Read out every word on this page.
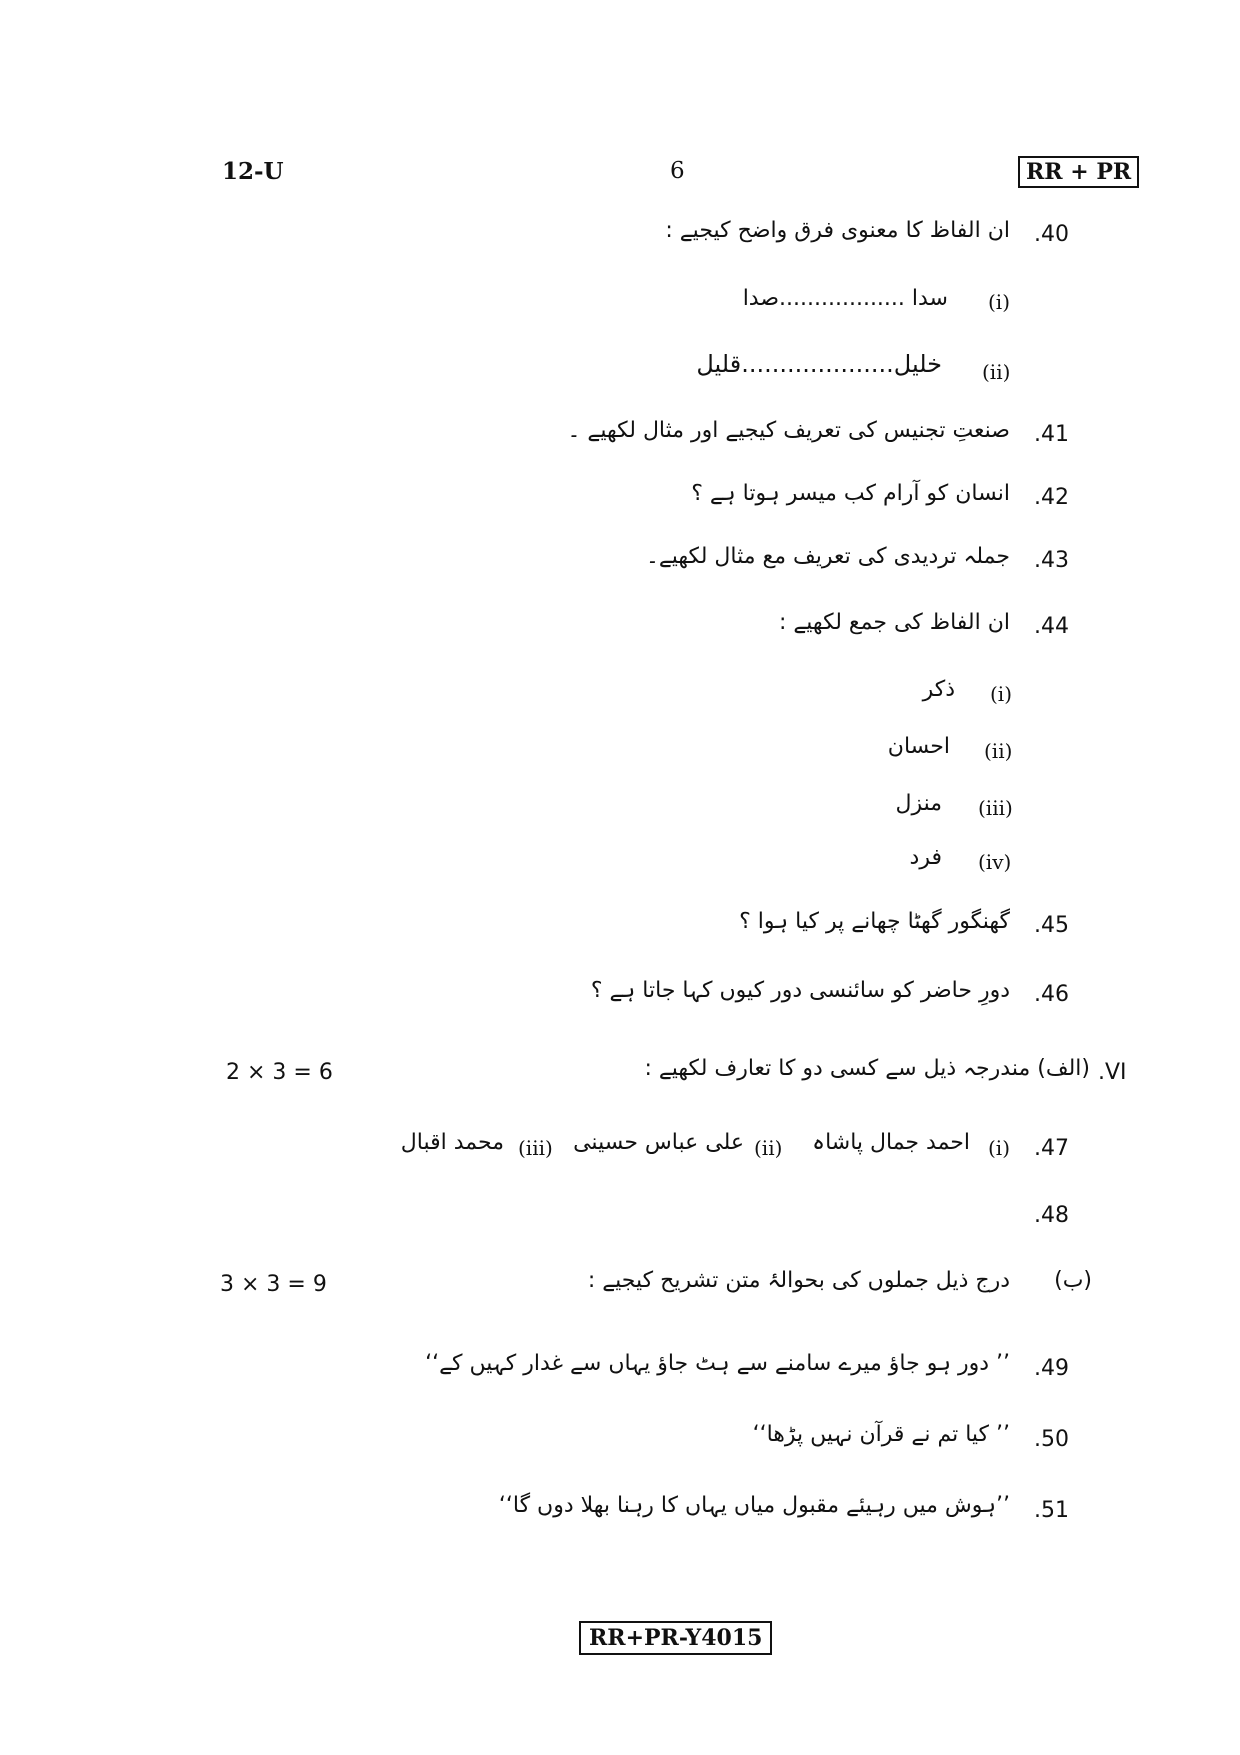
12-U	6	RR + PR
.40
ان الفاظ کا معنوی فرق واضح کیجیے :
(i)
سدا ..................صدا
(ii)
خلیل....................قلیل
.41
صنعتِ تجنیس کی تعریف کیجیے اور مثال لکھیے ۔
.42
انسان کو آرام کب میسر ہوتا ہے ؟
.43
جملہ تردیدی کی تعریف مع مثال لکھیے۔
.44
ان الفاظ کی جمع لکھیے :
(i)
ذکر
(ii)
احسان
(iii)
منزل
(iv)
فرد
.45
گھنگور گھٹا چھانے پر کیا ہوا ؟
.46
دورِ حاضر کو سائنسی دور کیوں کہا جاتا ہے ؟
2 × 3 = 6	.VI
(الف) مندرجہ ذیل سے کسی دو کا تعارف لکھیے :
.47
(i)
احمد جمال پاشاہ
(ii)
علی عباس حسینی
(iii)
محمد اقبال
.48
3 × 3 = 9	(ب)
درج ذیل جملوں کی بحوالۂ متن تشریح کیجیے :
.49
’’ دور ہو جاؤ میرے سامنے سے ہٹ جاؤ یہاں سے غدار کہیں کے‘‘
.50
’’ کیا تم نے قرآن نہیں پڑھا‘‘
.51
’’ہوش میں رہیئے مقبول میاں یہاں کا رہنا بھلا دوں گا‘‘
RR+PR-Y4015
